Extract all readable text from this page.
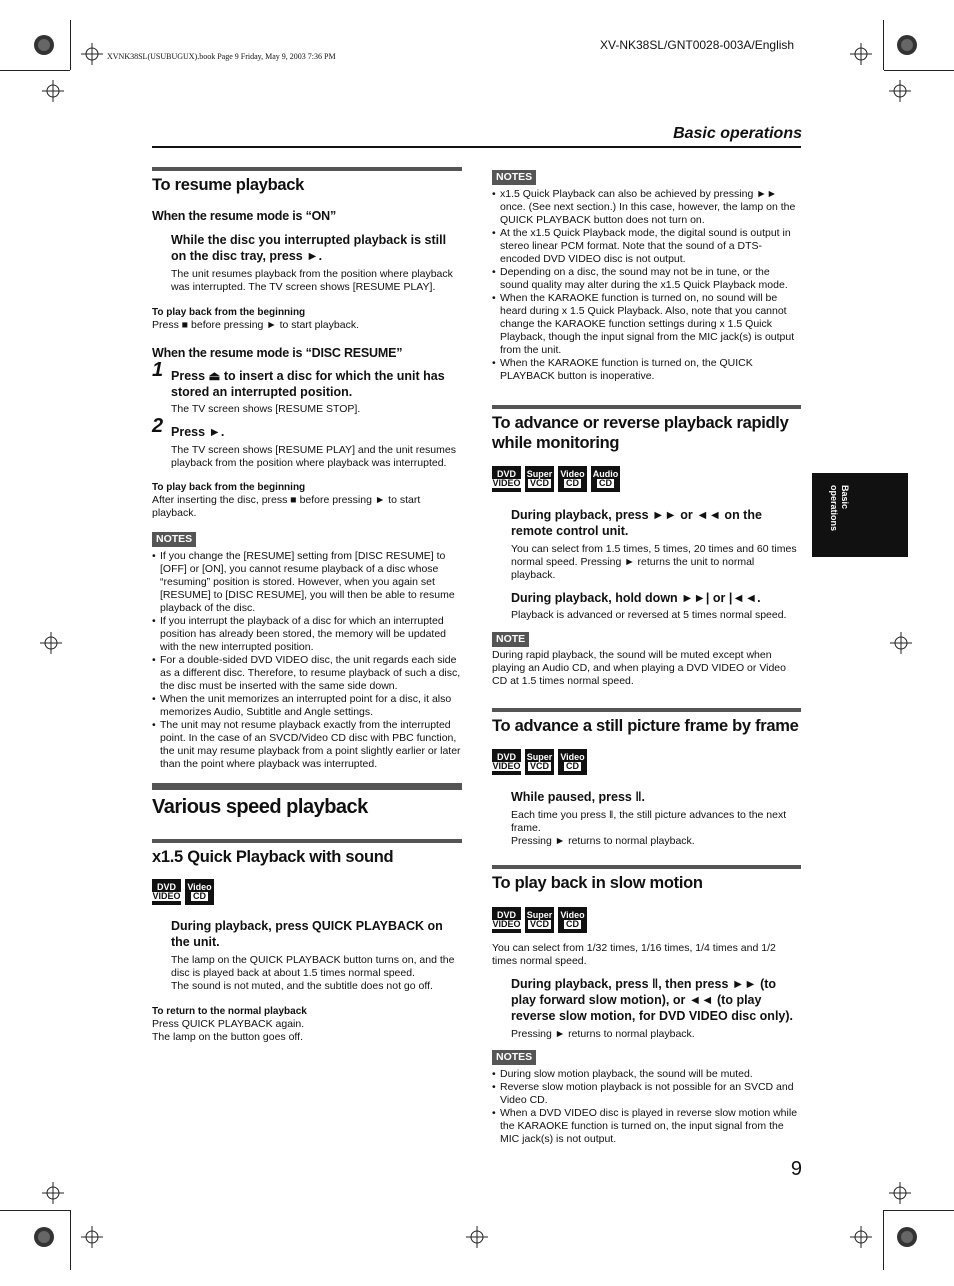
XVNK38SL(USUBUGUX).book Page 9 Friday, May 9, 2003 7:36 PM
XV-NK38SL/GNT0028-003A/English
Basic operations
Basic operations
To resume playback
When the resume mode is “ON”

While the disc you interrupted playback is still on the disc tray, press ►.

The unit resumes playback from the position where playback was interrupted. The TV screen shows [RESUME PLAY].

To play back from the beginning

Press ■ before pressing ► to start playback.

When the resume mode is “DISC RESUME”
1 Press ⏏ to insert a disc for which the unit has stored an interrupted position.

The TV screen shows [RESUME STOP].

2 Press ►.

The TV screen shows [RESUME PLAY] and the unit resumes playback from the position where playback was interrupted.

To play back from the beginning

After inserting the disc, press ■ before pressing ► to start playback.

NOTES
• If you change the [RESUME] setting from [DISC RESUME] to [OFF] or [ON], you cannot resume playback of a disc whose “resuming” position is stored. However, when you again set [RESUME] to [DISC RESUME], you will then be able to resume playback of the disc.
• If you interrupt the playback of a disc for which an interrupted position has already been stored, the memory will be updated with the new interrupted position.
• For a double-sided DVD VIDEO disc, the unit regards each side as a different disc. Therefore, to resume playback of such a disc, the disc must be inserted with the same side down.
• When the unit memorizes an interrupted point for a disc, it also memorizes Audio, Subtitle and Angle settings.
• The unit may not resume playback exactly from the interrupted point. In the case of an SVCD/Video CD disc with PBC function, the unit may resume playback from a point slightly earlier or later than the point where playback was interrupted.
Various speed playback
x1.5 Quick Playback with sound
DVD
VIDEO
Video
CD

During playback, press QUICK PLAYBACK on the unit.

The lamp on the QUICK PLAYBACK button turns on, and the disc is played back at about 1.5 times normal speed.

The sound is not muted, and the subtitle does not go off.

To return to the normal playback

Press QUICK PLAYBACK again.

The lamp on the button goes off.

NOTES
• x1.5 Quick Playback can also be achieved by pressing ►► once. (See next section.) In this case, however, the lamp on the QUICK PLAYBACK button does not turn on.
• At the x1.5 Quick Playback mode, the digital sound is output in stereo linear PCM format. Note that the sound of a DTS-encoded DVD VIDEO disc is not output.
• Depending on a disc, the sound may not be in tune, or the sound quality may alter during the x1.5 Quick Playback mode.
• When the KARAOKE function is turned on, no sound will be heard during x 1.5 Quick Playback. Also, note that you cannot change the KARAOKE function settings during x 1.5 Quick Playback, though the input signal from the MIC jack(s) is output from the unit.
• When the KARAOKE function is turned on, the QUICK PLAYBACK button is inoperative.
To advance or reverse playback rapidly while monitoring
DVD
VIDEO
Super
VCD
Video
CD
Audio
CD

During playback, press ►► or ◄◄ on the remote control unit.

You can select from 1.5 times, 5 times, 20 times and 60 times normal speed. Pressing ► returns the unit to normal playback.

During playback, hold down ►►| or |◄◄.

Playback is advanced or reversed at 5 times normal speed.

NOTE

During rapid playback, the sound will be muted except when playing an Audio CD, and when playing a DVD VIDEO or Video CD at 1.5 times normal speed.

To advance a still picture frame by frame
DVD
VIDEO
Super
VCD
Video
CD

While paused, press ‖.

Each time you press ‖, the still picture advances to the next frame.

Pressing ► returns to normal playback.

To play back in slow motion
DVD
VIDEO
Super
VCD
Video
CD

You can select from 1/32 times, 1/16 times, 1/4 times and 1/2 times normal speed.

During playback, press ‖, then press ►► (to play forward slow motion), or ◄◄ (to play reverse slow motion, for DVD VIDEO disc only).

Pressing ► returns to normal playback.

NOTES
• During slow motion playback, the sound will be muted.
• Reverse slow motion playback is not possible for an SVCD and Video CD.
• When a DVD VIDEO disc is played in reverse slow motion while the KARAOKE function is turned on, the input signal from the MIC jack(s) is not output.
9
